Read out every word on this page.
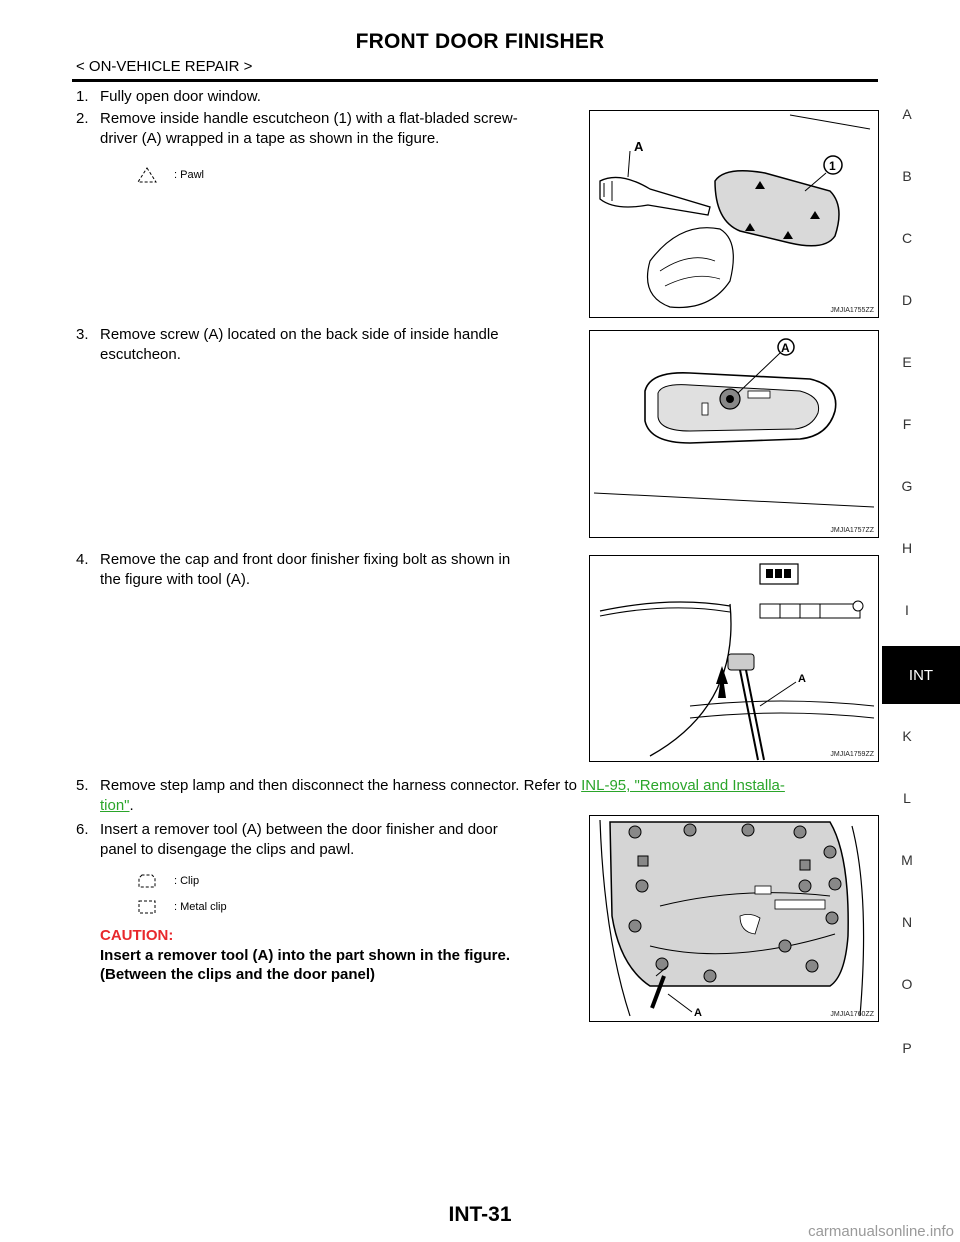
FRONT DOOR FINISHER
< ON-VEHICLE REPAIR >
1. Fully open door window.
2. Remove inside handle escutcheon (1) with a flat-bladed screw-
driver (A) wrapped in a tape as shown in the figure.
: Pawl
A
1
JMJIA1755ZZ
3. Remove screw (A) located on the back side of inside handle
escutcheon.	A
JMJIA1757ZZ
4. Remove the cap and front door finisher fixing bolt as shown in
the figure with tool (A).
A
JMJIA1759ZZ
5. Remove step lamp and then disconnect the harness connector. Refer to INL-95, "Removal and Installa-
tion".
6. Insert a remover tool (A) between the door finisher and door
panel to disengage the clips and pawl.
: Clip
: Metal clip
CAUTION:
Insert a remover tool (A) into the part shown in the figure.
(Between the clips and the door panel)
A	JMJIA1760ZZ
A
B
C
D
E
F
G
H
I
INT
K
L
M
N
O
P
INT-31
carmanualsonline.info
